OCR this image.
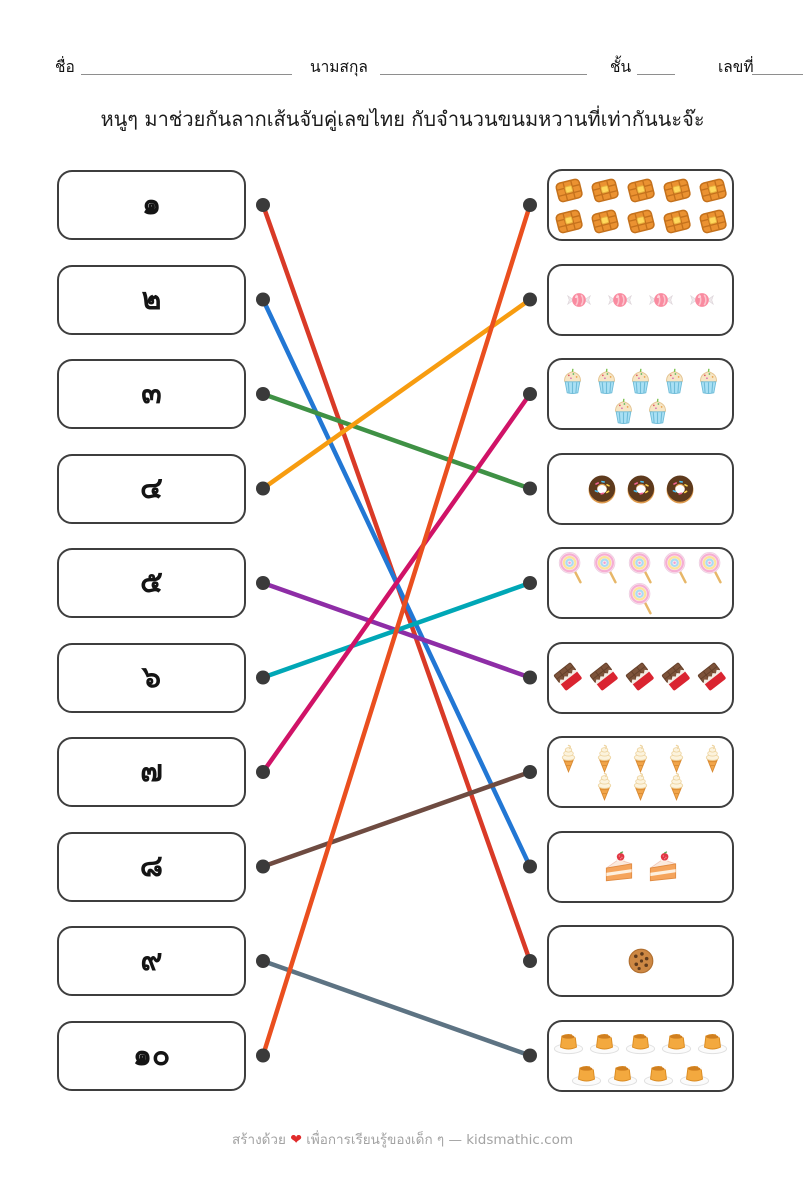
ชื่อ	นามสกุล	ชั้น	เลขที่
หนูๆ มาช่วยกันลากเส้นจับคู่เลขไทย กับจำนวนขนมหวานที่เท่ากันนะจ๊ะ
สร้างด้วย ❤ เพื่อการเรียนรู้ของเด็ก ๆ — kidsmathic.com
๑
๒
๓
๔
๕
๖
๗
๘
๙
๑๐
